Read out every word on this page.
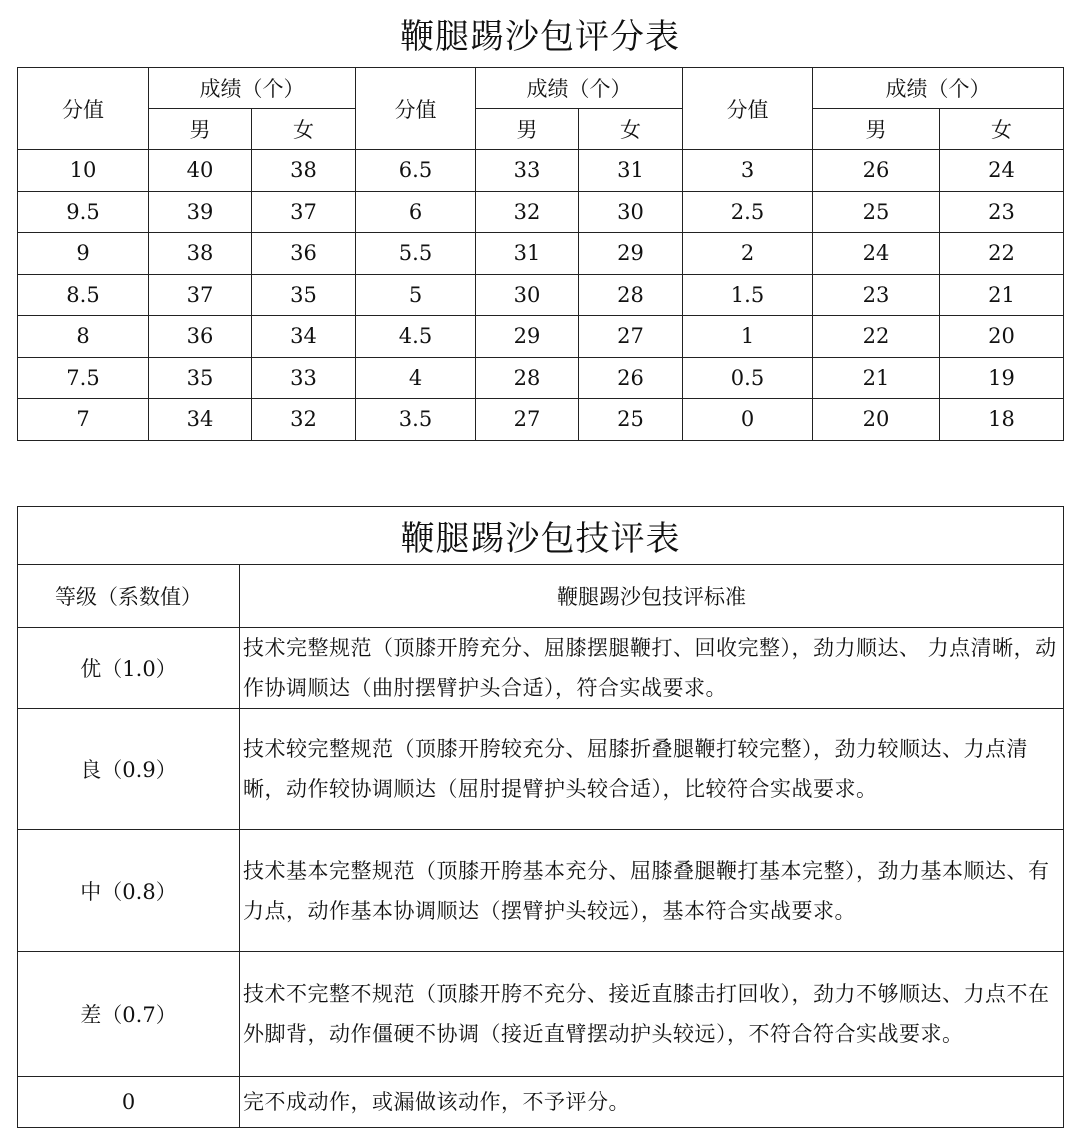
鞭腿踢沙包评分表
分值	成绩（个）		分值	成绩（个）		分值	成绩（个）	
	男	女		男	女		男	女
10	40	38	6.5	33	31	3	26	24
9.5	39	37	6	32	30	2.5	25	23
9	38	36	5.5	31	29	2	24	22
8.5	37	35	5	30	28	1.5	23	21
8	36	34	4.5	29	27	1	22	20
7.5	35	33	4	28	26	0.5	21	19
7	34	32	3.5	27	25	0	20	18
鞭腿踢沙包技评表	
等级（系数值）	鞭腿踢沙包技评标准
优（1.0）	技术完整规范（顶膝开胯充分、屈膝摆腿鞭打、回收完整），劲力顺达、 力点清晰，动作协调顺达（曲肘摆臂护头合适），符合实战要求。
良（0.9）	技术较完整规范（顶膝开胯较充分、屈膝折叠腿鞭打较完整），劲力较顺达、力点清晰，动作较协调顺达（屈肘提臂护头较合适），比较符合实战要求。
中（0.8）	技术基本完整规范（顶膝开胯基本充分、屈膝叠腿鞭打基本完整），劲力基本顺达、有力点，动作基本协调顺达（摆臂护头较远），基本符合实战要求。
差（0.7）	技术不完整不规范（顶膝开胯不充分、接近直膝击打回收），劲力不够顺达、力点不在外脚背，动作僵硬不协调（接近直臂摆动护头较远），不符合符合实战要求。
0	完不成动作，或漏做该动作，不予评分。
